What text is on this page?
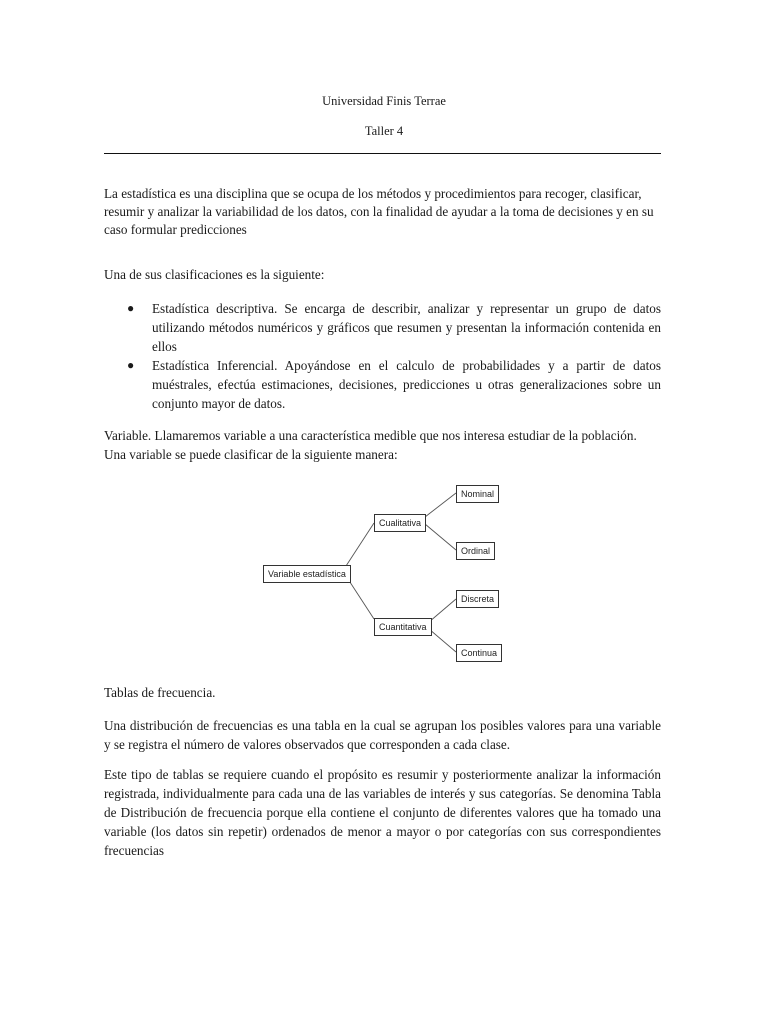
Universidad Finis Terrae
Taller 4

La estadística es una disciplina que se ocupa de los métodos y procedimientos para recoger, clasificar, resumir y analizar la variabilidad de los datos, con la finalidad de ayudar a la toma de decisiones y en su caso formular predicciones

Una de sus clasificaciones es la siguiente:

● Estadística descriptiva. Se encarga de describir, analizar y representar un grupo de datos utilizando métodos numéricos y gráficos que resumen y presentan la información contenida en ellos
● Estadística Inferencial. Apoyándose en el calculo de probabilidades y a partir de datos muéstrales, efectúa estimaciones, decisiones, predicciones u otras generalizaciones sobre un conjunto mayor de datos.

Variable. Llamaremos variable a una característica medible que nos interesa estudiar de la población. Una variable se puede clasificar de la siguiente manera:

Variable estadística
Cualitativa
Cuantitativa
Nominal
Ordinal
Discreta
Continua

Tablas de frecuencia.

Una distribución de frecuencias es una tabla en la cual se agrupan los posibles valores para una variable y se registra el número de valores observados que corresponden a cada clase.

Este tipo de tablas se requiere cuando el propósito es resumir y posteriormente analizar la información registrada, individualmente para cada una de las variables de interés y sus categorías. Se denomina Tabla de Distribución de frecuencia porque ella contiene el conjunto de diferentes valores que ha tomado una variable (los datos sin repetir) ordenados de menor a mayor o por categorías con sus correspondientes frecuencias
